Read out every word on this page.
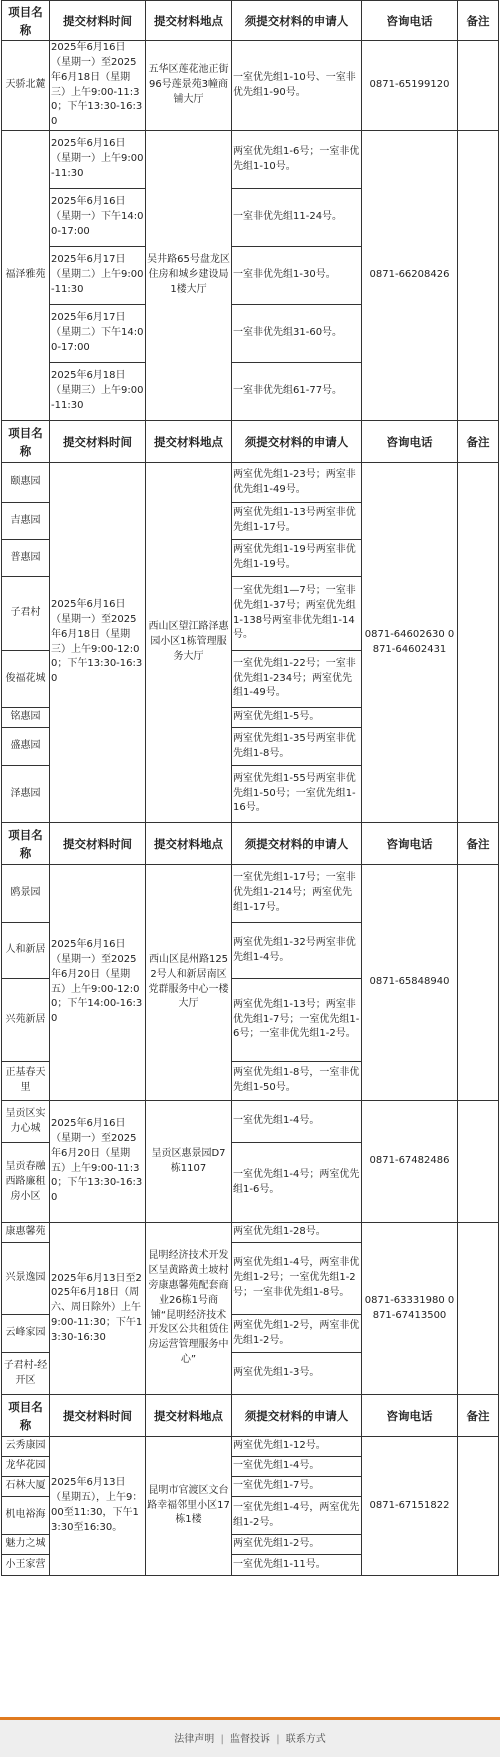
项目名称	提交材料时间	提交材料地点	须提交材料的申请人	咨询电话	备注
天骄北麓	2025年6月16日（星期一）至2025年6月18日（星期三）上午9:00-11:30；下午13:30-16:30	五华区莲花池正街96号莲景苑3幢商铺大厅	一室优先组1-10号、一室非优先组1-90号。	0871-65199120	
福泽雅苑	2025年6月16日（星期一）上午9:00-11:30	吴井路65号盘龙区住房和城乡建设局1楼大厅	两室优先组1-6号；一室非优先组1-10号。	0871-66208426	
	2025年6月16日（星期一）下午14:00-17:00		一室非优先组11-24号。		
	2025年6月17日（星期二）上午9:00-11:30		一室非优先组1-30号。		
	2025年6月17日（星期二）下午14:00-17:00		一室非优先组31-60号。		
	2025年6月18日（星期三）上午9:00-11:30		一室非优先组61-77号。		
项目名称	提交材料时间	提交材料地点	须提交材料的申请人	咨询电话	备注
颐惠园	2025年6月16日（星期一）至2025年6月18日（星期三）上午9:00-12:00；下午13:30-16:30	西山区望江路泽惠园小区1栋管理服务大厅	两室优先组1-23号；两室非优先组1-49号。	0871-64602630 0871-64602431	
吉惠园			两室优先组1-13号两室非优先组1-17号。		
普惠园			两室优先组1-19号两室非优先组1-19号。		
子君村			一室优先组1—7号；一室非优先组1-37号；两室优先组1-138号两室非优先组1-14号。		
俊福花城			一室优先组1-22号；一室非优先组1-234号；两室优先组1-49号。		
铭惠园			两室优先组1-5号。		
盛惠园			两室优先组1-35号两室非优先组1-8号。		
泽惠园			两室优先组1-55号两室非优先组1-50号；一室优先组1-16号。		
项目名称	提交材料时间	提交材料地点	须提交材料的申请人	咨询电话	备注
鸥景园	2025年6月16日（星期一）至2025年6月20日（星期五）上午9:00-12:00；下午14:00-16:30	西山区昆州路1252号人和新居南区党群服务中心一楼大厅	一室优先组1-17号；一室非优先组1-214号；两室优先组1-17号。	0871-65848940	
人和新居			两室优先组1-32号两室非优先组1-4号。		
兴苑新居			两室优先组1-13号；两室非优先组1-7号；一室优先组1-6号；一室非优先组1-2号。		
正基春天里			两室优先组1-8号，一室非优先组1-50号。		
呈贡区实力心城	2025年6月16日（星期一）至2025年6月20日（星期五）上午9:00-11:30；下午13:30-16:30	呈贡区惠景园D7栋1107	一室优先组1-4号。	0871-67482486	
呈贡春融西路廉租房小区			一室优先组1-4号；两室优先组1-6号。		
康惠馨苑	2025年6月13日至2025年6月18日（周六、周日除外）上午9:00-11:30；下午13:30-16:30	昆明经济技术开发区呈黄路黄土坡村旁康惠馨苑配套商业26栋1号商铺“昆明经济技术开发区公共租赁住房运营管理服务中心”	两室优先组1-28号。	0871-63331980 0871-67413500	
兴景逸园			两室优先组1-4号，两室非优先组1-2号；一室优先组1-2号；一室非优先组1-8号。		
云峰家园			两室优先组1-2号，两室非优先组1-2号。		
子君村-经开区			两室优先组1-3号。		
项目名称	提交材料时间	提交材料地点	须提交材料的申请人	咨询电话	备注
云秀康园	2025年6月13日（星期五），上午9：00至11:30，下午13:30至16:30。	昆明市官渡区文台路幸福邻里小区17栋1楼	两室优先组1-12号。	0871-67151822	
龙华花园			一室优先组1-4号。		
石林大厦			一室优先组1-7号。		
机电裕海			一室优先组1-4号，两室优先组1-2号。		
魅力之城			两室优先组1-2号。		
小王家营			一室优先组1-11号。		
法律声明 | 监督投诉 | 联系方式
